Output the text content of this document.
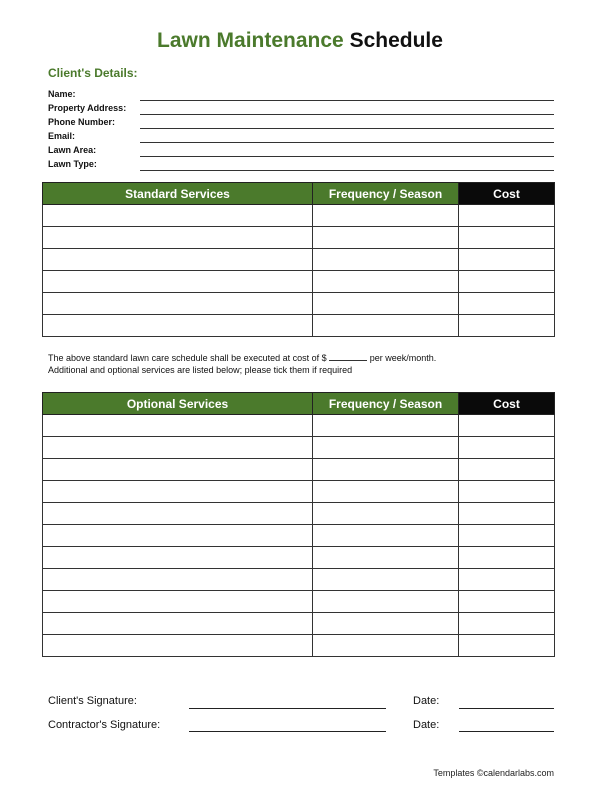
Lawn Maintenance Schedule
Client's Details:
Name:
Property Address:
Phone Number:
Email:
Lawn Area:
Lawn Type:
Standard Services	Frequency / Season	Cost

The above standard lawn care schedule shall be executed at cost of $	per week/month.
Additional and optional services are listed below; please tick them if required
Optional Services	Frequency / Season	Cost

Client's Signature:	Date:
Contractor's Signature:	Date:
Templates ©calendarlabs.com
